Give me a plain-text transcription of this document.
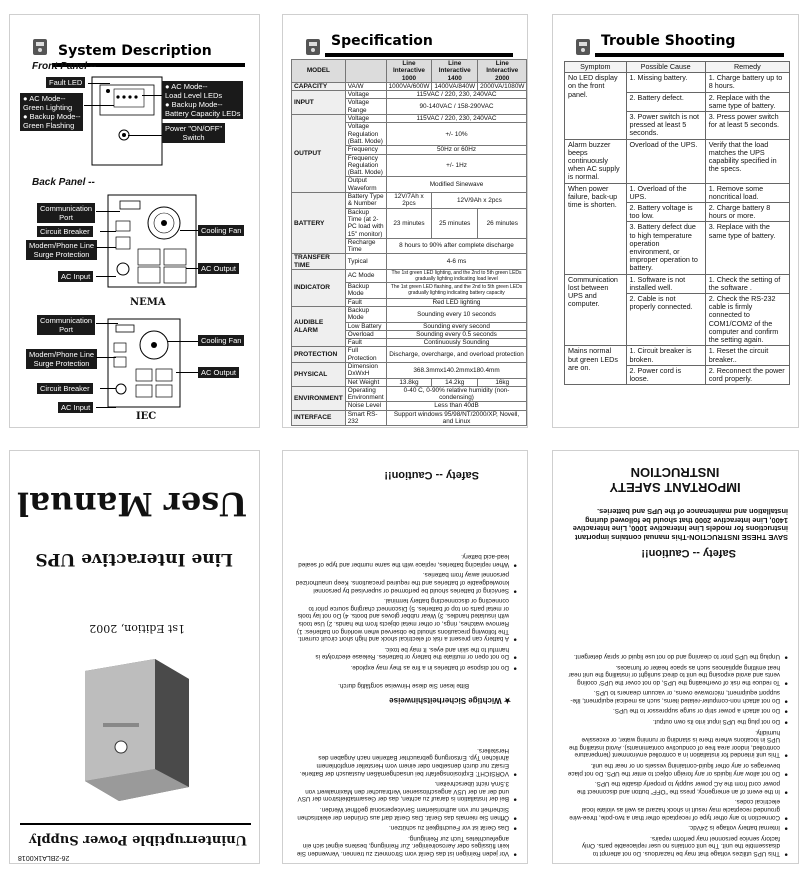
System Description
Front Panel --
Fault LED
● AC Mode--
Green Lighting
● Backup Mode--
Green Flashing
● AC Mode--
Load Level LEDs
● Backup Mode--
Battery Capacity LEDs
Power "ON/OFF"
Switch
Back Panel --
Communication
Port
Circuit Breaker
Modem/Phone Line
Surge Protection
AC Input
Cooling Fan
AC Output
NEMA
Communication
Port
Cooling Fan
Modem/Phone Line
Surge Protection
AC Output
Circuit Breaker
AC Input
IEC
Specification
MODEL		Line Interactive 1000	Line Interactive 1400	Line Interactive 2000
CAPACITY	VA/W	1000VA/600W	1400VA/840W	2000VA/1080W
INPUT	Voltage	115VAC / 220, 230, 240VAC		
	Voltage Range	90-140VAC / 158-290VAC		
OUTPUT	Voltage	115VAC / 220, 230, 240VAC		
	Voltage Regulation (Batt. Mode)	+/- 10%		
	Frequency	50Hz or 60Hz		
	Frequency Regulation (Batt. Mode)	+/- 1Hz		
	Output Waveform	Modified Sinewave		
BATTERY	Battery Type & Number	12V/7Ah x 2pcs	12V/9Ah x 2pcs	
	Backup Time (at 2-PC load with 15" monitor)	23 minutes	25 minutes	26 minutes
	Recharge Time	8 hours to 90% after complete discharge		
TRANSFER TIME	Typical	4-6 ms		
INDICATOR	AC Mode	The 1st green LED lighting, and the 2nd to 5th green LEDs gradually lighting indicating load level		
	Backup Mode	The 1st green LED flashing, and the 2nd to 5th green LEDs gradually lighting indicating battery capacity		
	Fault	Red LED lighting		
AUDIBLE ALARM	Backup Mode	Sounding every 10 seconds		
	Low Battery	Sounding every second		
	Overload	Sounding every 0.5 seconds		
	Fault	Continuously Sounding		
PROTECTION	Full Protection	Discharge, overcharge, and overload protection		
PHYSICAL	Dimension DxWxH	368.3mmx140.2mmx180.4mm		
	Net Weight	13.8kg	14.2kg	16kg
ENVIRONMENT	Operating Environment	0-40 C, 0-90% relative humidity (non-condensing)		
	Noise Level	Less than 40dB		
INTERFACE	Smart RS-232	Support windows 95/98/NT/2000/XP, Novell, and Linux		
Trouble Shooting
Symptom	Possible Cause	Remedy
No LED display on the front panel.	1. Missing battery.	1. Charge battery up to 8 hours.
	2. Battery defect.	2. Replace with the same type of battery.
	3. Power switch is not pressed at least 5 seconds.	3. Press power switch for at least 5 seconds.
Alarm buzzer beeps continuously when AC supply is normal.	Overload of the UPS.	Verify that the load matches the UPS capability specified in the specs.
When power failure, back-up time is shorten.	1. Overload of the UPS.	1. Remove some noncritical load.
	2. Battery voltage is too low.	2. Charge battery 8 hours or more.
	3. Battery defect due to high temperature operation environment, or improper operation to battery.	3. Replace with the same type of battery.
Communication lost between UPS and computer.	1. Software is not installed well.	1. Check the setting of the software .
	2. Cable is not properly connected.	2. Check the RS-232 cable is firmly connected to COM1/COM2 of the computer and confirm the setting again.
Mains normal but green LEDs are on.	1. Circuit breaker is broken.	1. Reset the circuit breaker..
	2. Power cord is loose.	2. Reconnect the power cord properly.
26-2BLA1K0018
Uninterruptible Power Supply
1st Edition, 2002
Line Interactive UPS
User Manual
● Vor jeden Reinigen ist das Gerät vom Stromnetz zu trennen. Verwenden Sie kein flüssiges oder Aerosolreiniger. Zur Reinigung, bestens eignet sich ein angefeuchtetes Tuch zur Reinigung.
● Das Gerät ist vor Feuchtigkeit zu schützen.
● Öffnen Sie niemals das Gerät. Das Gerät darf aus Gründen der elektrischen Sicherheit nur von authorisiertem Servicepersonal geöffnet Werden.
● Bei der Installation is darauf zu achten, das der Gesamtableitstrom der USV und der an der USV angeschlossenen Verbraucher den Maximalwert von 3.5mA nicht überschreiten.
● VORSICHT: Explosionsgefahr bei unsachgemäßen Austausch der Batterie. Ersatz nur durch denselben oder einem vom Hersteller empfohlenem ähnlichen Typ. Entsorgung gebrauchter Batterien nach Angaben des Herstellers.
★ Wichtige Sicherheitshinweise
Bitte lesen Sie diese Hinweise sorgfältig durch.
● Do not dispose of batteries in a fire as they may explode.
● Do not open or mutilate the battery or batteries. Release electrolyte is harmful to the skin and eyes. It may be toxic.
● A battery can present a risk of electrical shock and high short circuit current. The following precautions should be observed when working on batteries: 1) Remove watches, rings, or other metal objects from the hands. 2) Use tools with insulated handles. 3) Wear rubber gloves and boots. 4) Do not lay tools or metal parts on top of batteries. 5) Disconnect charging source prior to connecting or disconnecting battery terminal.
● Servicing of batteries should be performed or supervised by personnel knowledgeable of batteries and the required precautions. Keep unauthorized personnel away from batteries.
● When replacing batteries, replace with the same number and type of sealed lead-acid battery.
Safety -- Caution!!
● This UPS utilizes voltage that may be hazardous. Do not attempt to disassemble the unit. The unit contains no user replaceable parts. Only factory service personnel may perform repairs.
● Internal battery voltage is 24Vdc.
● Connection to any other type of receptacle other than a two-pole, three-wire grounded receptacle may result in shock hazard as well as violate local electrical codes.
● In the event of an emergency, press the "OFF" button and disconnect the power cord from the AC power supply to properly disable the UPS.
● Do not allow any liquids or any foreign object to enter the UPS. Do not place beverages or any other liquid-containing vessels on or near the unit.
● This unit intended for installation in a controlled environment (temperature controlled, indoor area free of conductive contaminants). Avoid installing the UPS in locations where there is standing or running water, or excessive humidity.
● Do not plug the UPS input into its own output.
● Do not attach a power strip or surge suppressor to the UPS.
● Do not attach non-computer-related items, such as medical equipment, life-support equipment, microwave ovens, or vacuum cleaners to UPS.
● To reduce the risk of overheating the UPS, do not cover the UPS' cooling vents and avoid exposing the unit to direct sunlight or installing the unit near heat emitting appliances such as space heater or furnaces.
● Unplug the UPS prior to cleaning and do not use liquid or spray detergent.
Safety -- Caution!!
SAVE THESE INSTRUCTION-This manual contains important instructions for models Line Interactive 1000, Line Interactive 1400, Line Interactive 2000 that should be followed during installation and maintenance of the UPS and batteries.
IMPORTANT SAFETY INSTRUCTION
